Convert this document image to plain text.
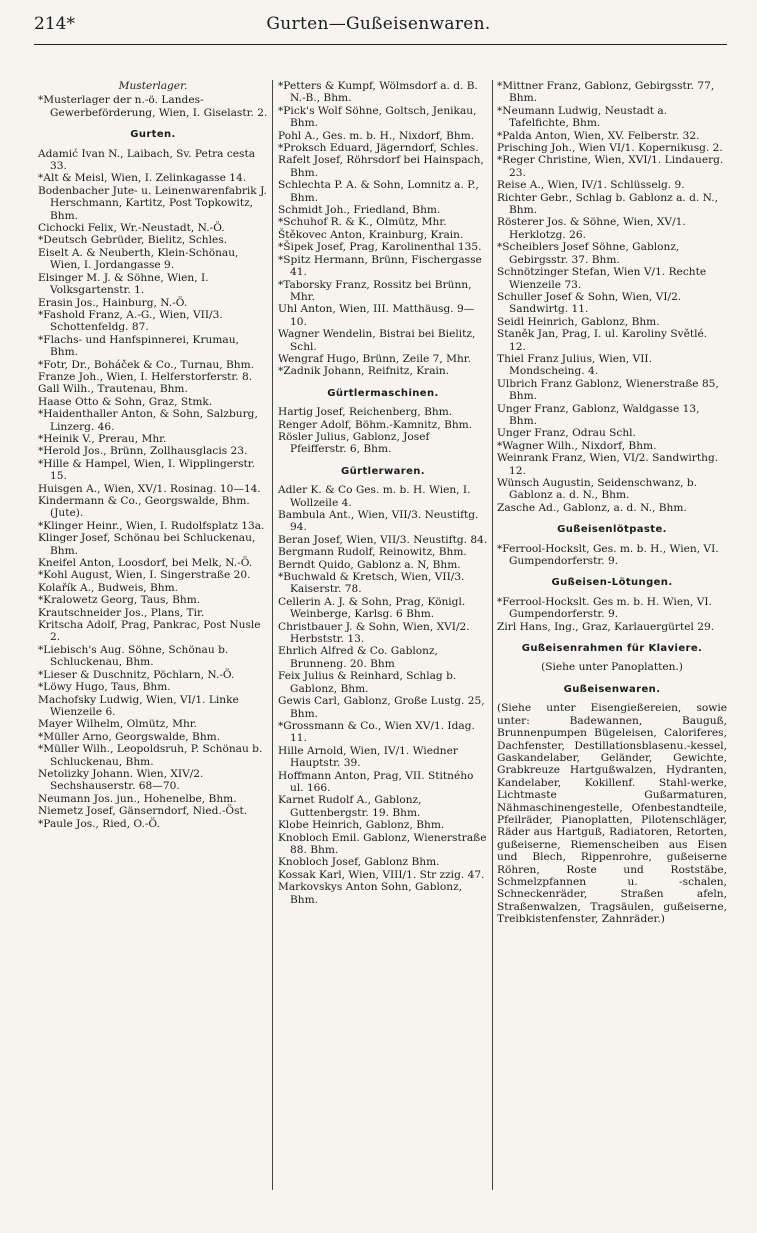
214*	Gurten—Gußeisenwaren.
Musterlager.
*Musterlager der n.-ö. Landes-Gewerbeförderung, Wien, I. Giselastr. 2.
Gurten.
Adamić Ivan N., Laibach, Sv. Petra cesta 33.
*Alt & Meisl, Wien, I. Zelinkagasse 14.
Bodenbacher Jute- u. Leinenwarenfabrik J. Herschmann, Kartitz, Post Topkowitz, Bhm.
Cichocki Felix, Wr.-Neustadt, N.-Ö.
*Deutsch Gebrüder, Bielitz, Schles.
Eiselt A. & Neuberth, Klein-Schönau, Wien, I. Jordangasse 9.
Elsinger M. J. & Söhne, Wien, I. Volksgartenstr. 1.
Erasin Jos., Hainburg, N.-Ö.
*Fashold Franz, A.-G., Wien, VII/3. Schottenfeldg. 87.
*Flachs- und Hanfspinnerei, Krumau, Bhm.
*Fotr, Dr., Boháček & Co., Turnau, Bhm.
Franze Joh., Wien, I. Helferstorferstr. 8.
Gall Wilh., Trautenau, Bhm.
Haase Otto & Sohn, Graz, Stmk.
*Haidenthaller Anton, & Sohn, Salzburg, Linzerg. 46.
*Heinik V., Prerau, Mhr.
*Herold Jos., Brünn, Zollhausglacis 23.
*Hille & Hampel, Wien, I. Wipplingerstr. 15.
Huisgen A., Wien, XV/1. Rosinag. 10—14.
Kindermann & Co., Georgswalde, Bhm. (Jute).
*Klinger Heinr., Wien, I. Rudolfsplatz 13a.
Klinger Josef, Schönau bei Schluckenau, Bhm.
Kneifel Anton, Loosdorf, bei Melk, N.-Ö.
*Kohl August, Wien, I. Singerstraße 20.
Kolařík A., Budweis, Bhm.
*Kralowetz Georg, Taus, Bhm.
Krautschneider Jos., Plans, Tir.
Kritscha Adolf, Prag, Pankrac, Post Nusle 2.
*Liebisch's Aug. Söhne, Schönau b. Schluckenau, Bhm.
*Lieser & Duschnitz, Pöchlarn, N.-Ö.
*Löwy Hugo, Taus, Bhm.
Machofsky Ludwig, Wien, VI/1. Linke Wienzeile 6.
Mayer Wilhelm, Olmütz, Mhr.
*Müller Arno, Georgswalde, Bhm.
*Müller Wilh., Leopoldsruh, P. Schönau b. Schluckenau, Bhm.
Netolizky Johann. Wien, XIV/2. Sechshauserstr. 68—70.
Neumann Jos. jun., Hohenelbe, Bhm.
Niemetz Josef, Gänserndorf, Nied.-Öst.
*Paule Jos., Ried, O.-Ö.
*Petters & Kumpf, Wölmsdorf a. d. B. N.-B., Bhm.
*Pick's Wolf Söhne, Goltsch, Jenikau, Bhm.
Pohl A., Ges. m. b. H., Nixdorf, Bhm.
*Proksch Eduard, Jägerndorf, Schles.
Rafelt Josef, Röhrsdorf bei Hainspach, Bhm.
Schlechta P. A. & Sohn, Lomnitz a. P., Bhm.
Schmidt Joh., Friedland, Bhm.
*Schuhof R. & K., Olmütz, Mhr.
Štěkovec Anton, Krainburg, Krain.
*Šipek Josef, Prag, Karolinenthal 135.
*Spitz Hermann, Brünn, Fischergasse 41.
*Taborsky Franz, Rossitz bei Brünn, Mhr.
Uhl Anton, Wien, III. Matthäusg. 9—10.
Wagner Wendelin, Bistrai bei Bielitz, Schl.
Wengraf Hugo, Brünn, Zeile 7, Mhr.
*Zadnik Johann, Reifnitz, Krain.
Gürtlermaschinen.
Hartig Josef, Reichenberg, Bhm.
Renger Adolf, Böhm.-Kamnitz, Bhm.
Rösler Julius, Gablonz, Josef Pfeifferstr. 6, Bhm.
Gürtlerwaren.
Adler K. & Co Ges. m. b. H. Wien, I. Wollzeile 4.
Bambula Ant., Wien, VII/3. Neustiftg. 94.
Beran Josef, Wien, VII/3. Neustiftg. 84.
Bergmann Rudolf, Reinowitz, Bhm.
Berndt Quido, Gablonz a. N, Bhm.
*Buchwald & Kretsch, Wien, VII/3. Kaiserstr. 78.
Cellerin A. J. & Sohn, Prag, Königl. Weinberge, Karlsg. 6 Bhm.
Christbauer J. & Sohn, Wien, XVI/2. Herbststr. 13.
Ehrlich Alfred & Co. Gablonz, Brunneng. 20. Bhm
Feix Julius & Reinhard, Schlag b. Gablonz, Bhm.
Gewis Carl, Gablonz, Große Lustg. 25, Bhm.
*Grossmann & Co., Wien XV/1. Idag. 11.
Hille Arnold, Wien, IV/1. Wiedner Hauptstr. 39.
Hoffmann Anton, Prag, VII. Stitného ul. 166.
Karnet Rudolf A., Gablonz, Guttenbergstr. 19. Bhm.
Klobe Heinrich, Gablonz, Bhm.
Knobloch Emil. Gablonz, Wienerstraße 88. Bhm.
Knobloch Josef, Gablonz Bhm.
Kossak Karl, Wien, VIII/1. Str zzig. 47.
Markovskys Anton Sohn, Gablonz, Bhm.
*Mittner Franz, Gablonz, Gebirgsstr. 77, Bhm.
*Neumann Ludwig, Neustadt a. Tafelfichte, Bhm.
*Palda Anton, Wien, XV. Felberstr. 32.
Prisching Joh., Wien VI/1. Kopernikusg. 2.
*Reger Christine, Wien, XVI/1. Lindauerg. 23.
Reise A., Wien, IV/1. Schlüsselg. 9.
Richter Gebr., Schlag b. Gablonz a. d. N., Bhm.
Rösterer Jos. & Söhne, Wien, XV/1. Herklotzg. 26.
*Scheiblers Josef Söhne, Gablonz, Gebirgsstr. 37. Bhm.
Schnötzinger Stefan, Wien V/1. Rechte Wienzeile 73.
Schuller Josef & Sohn, Wien, VI/2. Sandwirtg. 11.
Seidl Heinrich, Gablonz, Bhm.
Staněk Jan, Prag, I. ul. Karoliny Světlé. 12.
Thiel Franz Julius, Wien, VII. Mondscheing. 4.
Ulbrich Franz Gablonz, Wienerstraße 85, Bhm.
Unger Franz, Gablonz, Waldgasse 13, Bhm.
Unger Franz, Odrau Schl.
*Wagner Wilh., Nixdorf, Bhm.
Weinrank Franz, Wien, VI/2. Sandwirthg. 12.
Wünsch Augustin, Seidenschwanz, b. Gablonz a. d. N., Bhm.
Zasche Ad., Gablonz, a. d. N., Bhm.
Gußeisenlötpaste.
*Ferrool-Hockslt, Ges. m. b. H., Wien, VI. Gumpendorferstr. 9.
Gußeisen-Lötungen.
*Ferrool-Hockslt. Ges m. b. H. Wien, VI. Gumpendorferstr. 9.
Zirl Hans, Ing., Graz, Karlauergürtel 29.
Gußeisenrahmen für Klaviere.
(Siehe unter Panoplatten.)
Gußeisenwaren.
(Siehe unter Eisengießereien, sowie unter: Badewannen, Bauguß, Brunnenpumpen Bügeleisen, Caloriferes, Dachfenster, Destillationsblasenu.-kessel, Gaskandelaber, Geländer, Gewichte, Grabkreuze Hartgußwalzen, Hydranten, Kandelaber, Kokillenf. Stahl-werke, Lichtmaste Gußarmaturen, Nähmaschinengestelle, Ofenbestandteile, Pfeilräder, Pianoplatten, Pilotenschläger, Räder aus Hartguß, Radiatoren, Retorten, gußeiserne, Riemenscheiben aus Eisen und Blech, Rippenrohre, gußeiserne Röhren, Roste und Roststäbe, Schmelzpfannen u. -schalen, Schneckenräder, Straßen afeln, Straßenwalzen, Tragsäulen, gußeiserne, Treibkistenfenster, Zahnräder.)
